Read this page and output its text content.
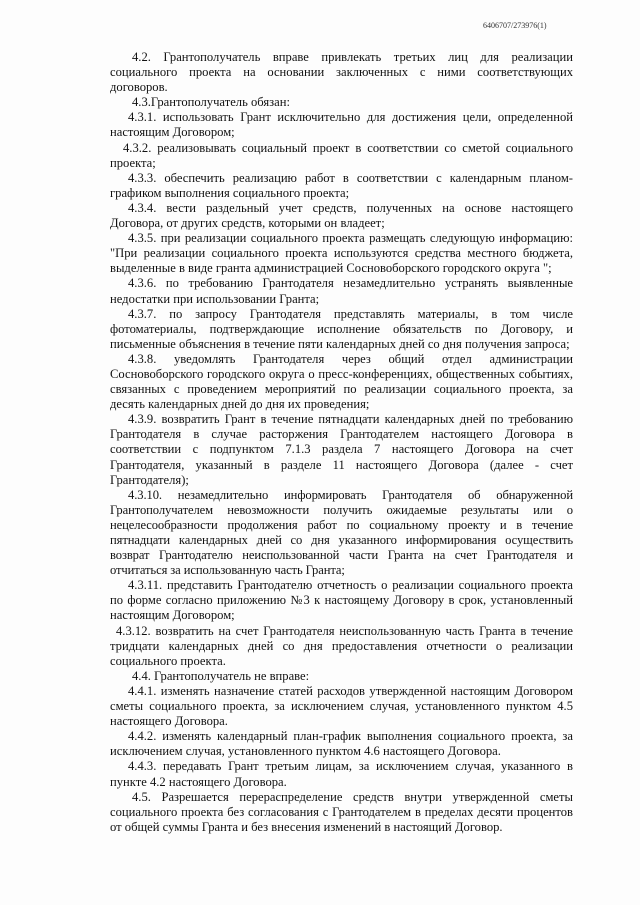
6406707/273976(1)

4.2. Грантополучатель вправе привлекать третьих лиц для реализации социального проекта на основании заключенных с ними соответствующих договоров.

4.3.Грантополучатель обязан:

4.3.1. использовать Грант исключительно для достижения цели, определенной настоящим Договором;

4.3.2. реализовывать социальный проект в соответствии со сметой социального проекта;

4.3.3. обеспечить реализацию работ в соответствии с календарным планом-графиком выполнения социального проекта;

4.3.4. вести раздельный учет средств, полученных на основе настоящего Договора, от других средств, которыми он владеет;

4.3.5. при реализации социального проекта размещать следующую информацию: "При реализации социального проекта используются средства местного бюджета, выделенные в виде гранта администрацией Сосновоборского городского округа ";

4.3.6. по требованию Грантодателя незамедлительно устранять выявленные недостатки при использовании Гранта;

4.3.7. по запросу Грантодателя представлять материалы, в том числе фотоматериалы, подтверждающие исполнение обязательств по Договору, и письменные объяснения в течение пяти календарных дней со дня получения запроса;

4.3.8. уведомлять Грантодателя через общий отдел администрации Сосновоборского городского округа о пресс-конференциях, общественных событиях, связанных с проведением мероприятий по реализации социального проекта, за десять календарных дней до дня их проведения;

4.3.9. возвратить Грант в течение пятнадцати календарных дней по требованию Грантодателя в случае расторжения Грантодателем настоящего Договора в соответствии с подпунктом 7.1.3 раздела 7 настоящего Договора на счет Грантодателя, указанный в разделе 11 настоящего Договора (далее - счет Грантодателя);

4.3.10. незамедлительно информировать Грантодателя об обнаруженной Грантополучателем невозможности получить ожидаемые результаты или о нецелесообразности продолжения работ по социальному проекту и в течение пятнадцати календарных дней со дня указанного информирования осуществить возврат Грантодателю неиспользованной части Гранта на счет Грантодателя и отчитаться за использованную часть Гранта;

4.3.11. представить Грантодателю отчетность о реализации социального проекта по форме согласно приложению №3 к настоящему Договору в срок, установленный настоящим Договором;

4.3.12. возвратить на счет Грантодателя неиспользованную часть Гранта в течение тридцати календарных дней со дня предоставления отчетности о реализации социального проекта.

4.4. Грантополучатель не вправе:

4.4.1. изменять назначение статей расходов утвержденной настоящим Договором сметы социального проекта, за исключением случая, установленного пунктом 4.5 настоящего Договора.

4.4.2. изменять календарный план-график выполнения социального проекта, за исключением случая, установленного пунктом 4.6 настоящего Договора.

4.4.3. передавать Грант третьим лицам, за исключением случая, указанного в пункте 4.2 настоящего Договора.

4.5. Разрешается перераспределение средств внутри утвержденной сметы социального проекта без согласования с Грантодателем в пределах десяти процентов от общей суммы Гранта и без внесения изменений в настоящий Договор.
